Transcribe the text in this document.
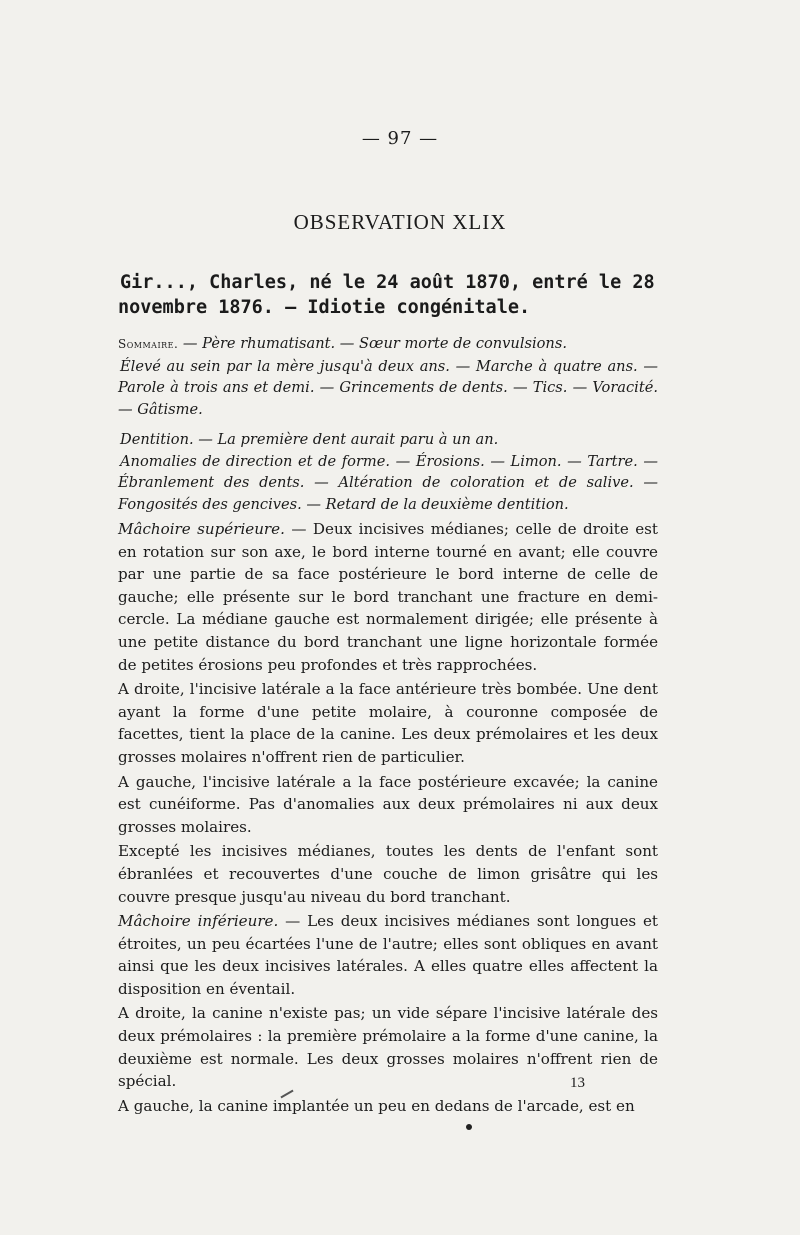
— 97 —
OBSERVATION XLIX
Gir..., Charles, né le 24 août 1870, entré le 28 novembre 1876. — Idiotie congénitale.

Sommaire. — Père rhumatisant. — Sœur morte de convulsions.

Élevé au sein par la mère jusqu'à deux ans. — Marche à quatre ans. — Parole à trois ans et demi. — Grincements de dents. — Tics. — Voracité. — Gâtisme.

Dentition. — La première dent aurait paru à un an.

Anomalies de direction et de forme. — Érosions. — Limon. — Tartre. — Ébranlement des dents. — Altération de coloration et de salive. — Fongosités des gencives. — Retard de la deuxième dentition.

Mâchoire supérieure. — Deux incisives médianes; celle de droite est en rotation sur son axe, le bord interne tourné en avant; elle couvre par une partie de sa face postérieure le bord interne de celle de gauche; elle présente sur le bord tranchant une fracture en demi-cercle. La médiane gauche est normalement dirigée; elle présente à une petite distance du bord tranchant une ligne horizontale formée de petites érosions peu profondes et très rapprochées.

A droite, l'incisive latérale a la face antérieure très bombée. Une dent ayant la forme d'une petite molaire, à couronne composée de facettes, tient la place de la canine. Les deux prémolaires et les deux grosses molaires n'offrent rien de particulier.

A gauche, l'incisive latérale a la face postérieure excavée; la canine est cunéiforme. Pas d'anomalies aux deux prémolaires ni aux deux grosses molaires.

Excepté les incisives médianes, toutes les dents de l'enfant sont ébranlées et recouvertes d'une couche de limon grisâtre qui les couvre presque jusqu'au niveau du bord tranchant.

Mâchoire inférieure. — Les deux incisives médianes sont longues et étroites, un peu écartées l'une de l'autre; elles sont obliques en avant ainsi que les deux incisives latérales. A elles quatre elles affectent la disposition en éventail.

A droite, la canine n'existe pas; un vide sépare l'incisive latérale des deux prémolaires : la première prémolaire a la forme d'une canine, la deuxième est normale. Les deux grosses molaires n'offrent rien de spécial.

A gauche, la canine implantée un peu en dedans de l'arcade, est en

13
